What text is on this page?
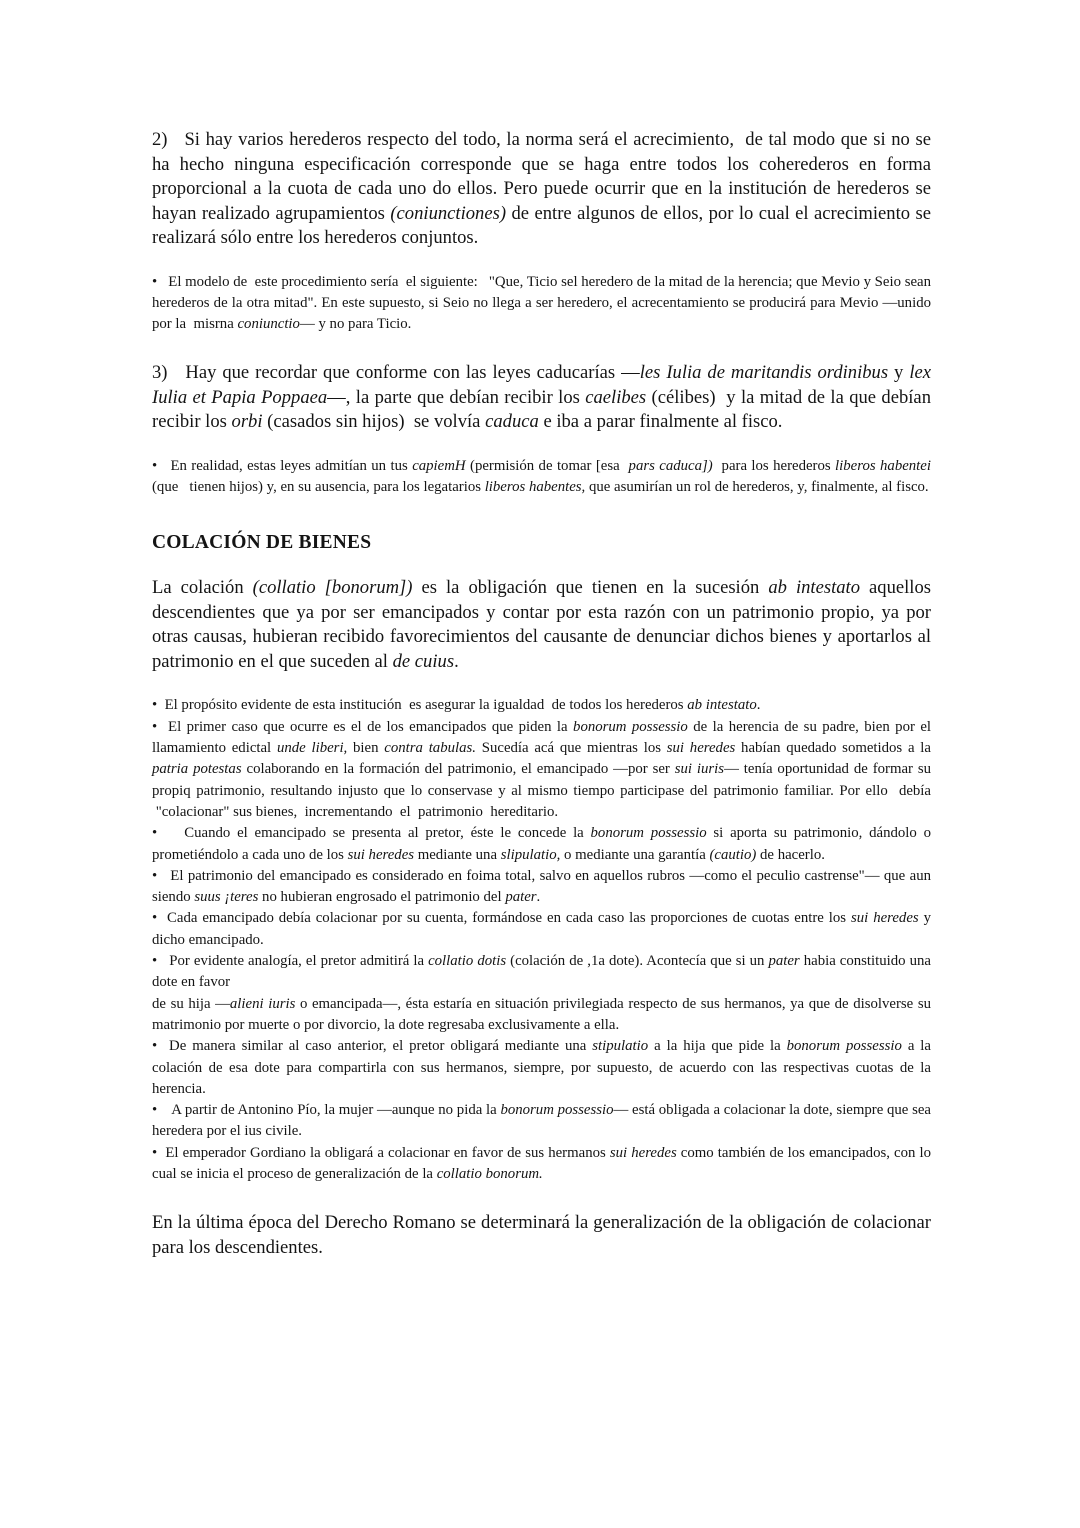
2)   Si hay varios herederos respecto del todo, la norma será el acrecimiento,  de tal modo que si no se ha hecho ninguna especificación corresponde que se haga entre todos los coherederos en forma proporcional a la cuota de cada uno do ellos. Pero puede ocurrir que en la institución de herederos se hayan realizado agrupamientos (coniunctiones) de entre algunos de ellos, por lo cual el acrecimiento se realizará sólo entre los herederos conjuntos.
•   El modelo de  este procedimiento sería  el siguiente:   "Que, Ticio sel heredero de la mitad de la herencia; que Mevio y Seio sean herederos de la otra mitad". En este supuesto, si Seio no llega a ser heredero, el acrecentamiento se producirá para Mevio —unido por la  misrna coniunctio— y no para Ticio.
3)   Hay que recordar que conforme con las leyes caducarías —les Iulia de maritandis ordinibus y lex Iulia et Papia Poppaea—, la parte que debían recibir los caelibes (célibes)  y la mitad de la que debían recibir los orbi (casados sin hijos)  se volvía caduca e iba a parar finalmente al fisco.
•   En realidad, estas leyes admitían un tus capiemH (permisión de tomar [esa  pars caduca])  para los herederos liberos habentei (que   tienen hijos) y, en su ausencia, para los legatarios liberos habentes, que asumirían un rol de herederos, y, finalmente, al fisco.
COLACIÓN DE BIENES
La colación (collatio [bonorum]) es la obligación que tienen en la sucesión ab intestato aquellos descendientes que ya por ser emancipados y contar por esta razón con un patrimonio propio, ya por otras causas, hubieran recibido favorecimientos del causante de denunciar dichos bienes y aportarlos al patrimonio en el que suceden al de cuius.
•  El propósito evidente de esta institución  es asegurar la igualdad  de todos los herederos ab intestato.
•  El primer caso que ocurre es el de los emancipados que piden la bonorum possessio de la herencia de su padre, bien por el llamamiento edictal unde liberi, bien contra tabulas. Sucedía acá que mientras los sui heredes habían quedado sometidos a la patria potestas colaborando en la formación del patrimonio, el emancipado —por ser sui iuris— tenía oportunidad de formar su propiq patrimonio, resultando injusto que lo conservase y al mismo tiempo participase del patrimonio familiar. Por ello  debía  "colacionar" sus bienes,  incrementando  el  patrimonio  hereditario.
•    Cuando el emancipado se presenta al pretor, éste le concede la bonorum possessio si aporta su patrimonio, dándolo o prometiéndolo a cada uno de los sui heredes mediante una slipulatio, o mediante una garantía (cautio) de hacerlo.
•   El patrimonio del emancipado es considerado en foima total, salvo en aquellos rubros —como el peculio castrense"— que aun siendo suus ¡teres no hubieran engrosado el patrimonio del pater.
•  Cada emancipado debía colacionar por su cuenta, formándose en cada caso las proporciones de cuotas entre los sui heredes y dicho emancipado.
•   Por evidente analogía, el pretor admitirá la collatio dotis (colación de ,1a dote). Acontecía que si un pater habia constituido una dote en favor
de su hija —alieni iuris o emancipada—, ésta estaría en situación privilegiada respecto de sus hermanos, ya que de disolverse su matrimonio por muerte o por divorcio, la dote regresaba exclusivamente a ella.
•  De manera similar al caso anterior, el pretor obligará mediante una stipulatio a la hija que pide la bonorum possessio a la colación de esa dote para compartirla con sus hermanos, siempre, por supuesto, de acuerdo con las respectivas cuotas de la herencia.
•    A partir de Antonino Pío, la mujer —aunque no pida la bonorum possessio— está obligada a colacionar la dote, siempre que sea heredera por el ius civile.
•  El emperador Gordiano la obligará a colacionar en favor de sus hermanos sui heredes como también de los emancipados, con lo cual se inicia el proceso de generalización de la collatio bonorum.
En la última época del Derecho Romano se determinará la generalización de la obligación de colacionar para los descendientes.
